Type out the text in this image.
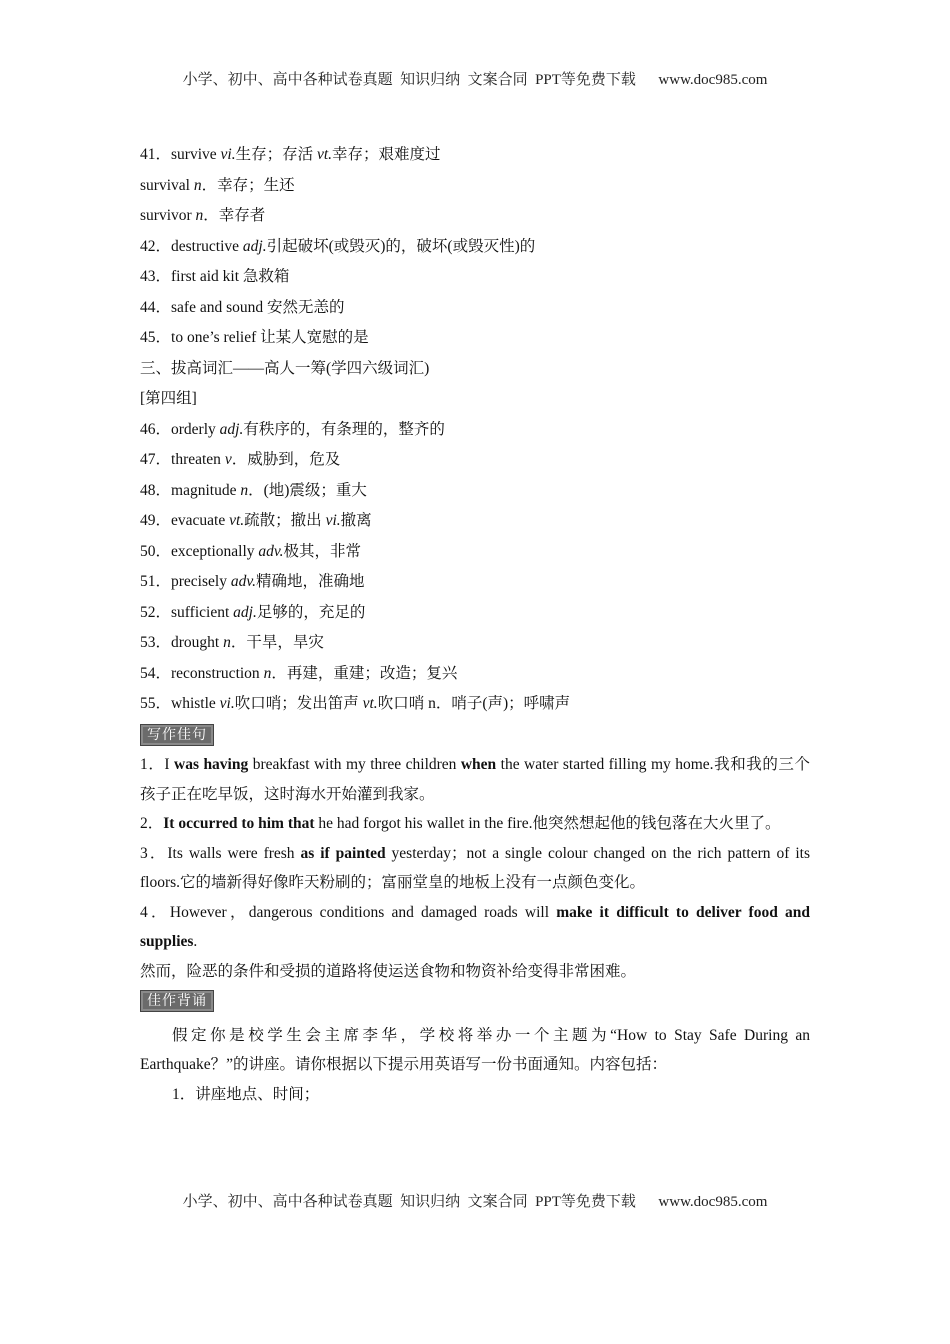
小学、初中、高中各种试卷真题  知识归纳  文案合同  PPT等免费下载      www.doc985.com
41．survive vi.生存；存活 vt.幸存；艰难度过
survival n．幸存；生还
survivor n．幸存者
42．destructive adj.引起破坏(或毁灭)的，破坏(或毁灭性)的
43．first aid kit 急救箱
44．safe and sound 安然无恙的
45．to one’s relief 让某人宽慰的是
三、拔高词汇——高人一筹(学四六级词汇)
[第四组]
46．orderly adj.有秩序的，有条理的，整齐的
47．threaten v．威胁到，危及
48．magnitude n．(地)震级；重大
49．evacuate vt.疏散；撤出 vi.撤离
50．exceptionally adv.极其，非常
51．precisely adv.精确地，准确地
52．sufficient adj.足够的，充足的
53．drought n．干旱，旱灾
54．reconstruction n．再建，重建；改造；复兴
55．whistle vi.吹口哨；发出笛声 vt.吹口哨 n．哨子(声)；呼啸声
写作佳句
1．I was having breakfast with my three children when the water started filling my home.我和我的三个孩子正在吃早饭，这时海水开始灌到我家。
2．It occurred to him that he had forgot his wallet in the fire.他突然想起他的钱包落在大火里了。
3．Its walls were fresh as if painted yesterday；not a single colour changed on the rich pattern of its floors.它的墙新得好像昨天粉刷的；富丽堂皇的地板上没有一点颜色变化。
4．However，dangerous conditions and damaged roads will make it difficult to deliver food and supplies.
然而，险恶的条件和受损的道路将使运送食物和物资补给变得非常困难。
佳作背诵
假定你是校学生会主席李华，学校将举办一个主题为“How to Stay Safe During an Earthquake？”的讲座。请你根据以下提示用英语写一份书面通知。内容包括：
1．讲座地点、时间；
小学、初中、高中各种试卷真题  知识归纳  文案合同  PPT等免费下载      www.doc985.com
